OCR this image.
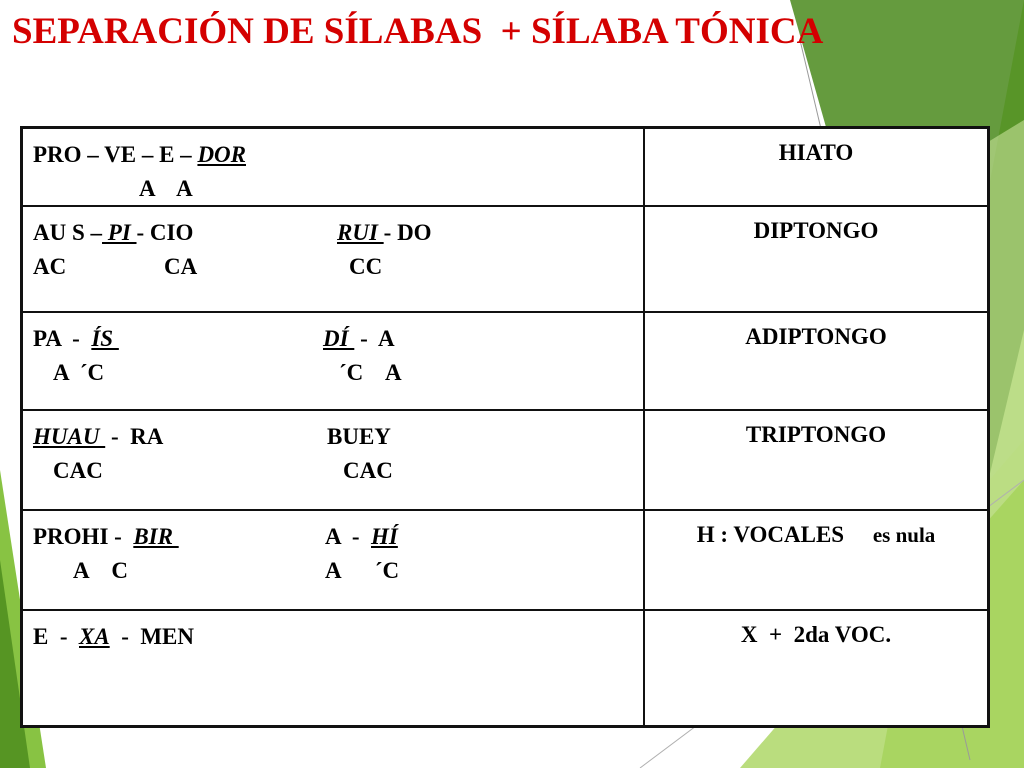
SEPARACIÓN DE SÍLABAS  + SÍLABA TÓNICA
PRO – VE – E – DOR
A    A	HIATO

AU S – PI - CIO
AC                 CA
RUI - DO
CC	DIPTONGO

PA  -  ÍS
A  ´C
DÍ  -  A
´C    A	ADIPTONGO

HUAU  -  RA
CAC
BUEY
CAC	TRIPTONGO

PROHI -  BIR
A    C
A  -  HÍ
A      ´C	H : VOCALES es nula

E  -  XA  -  MEN	X  +  2da VOC.
